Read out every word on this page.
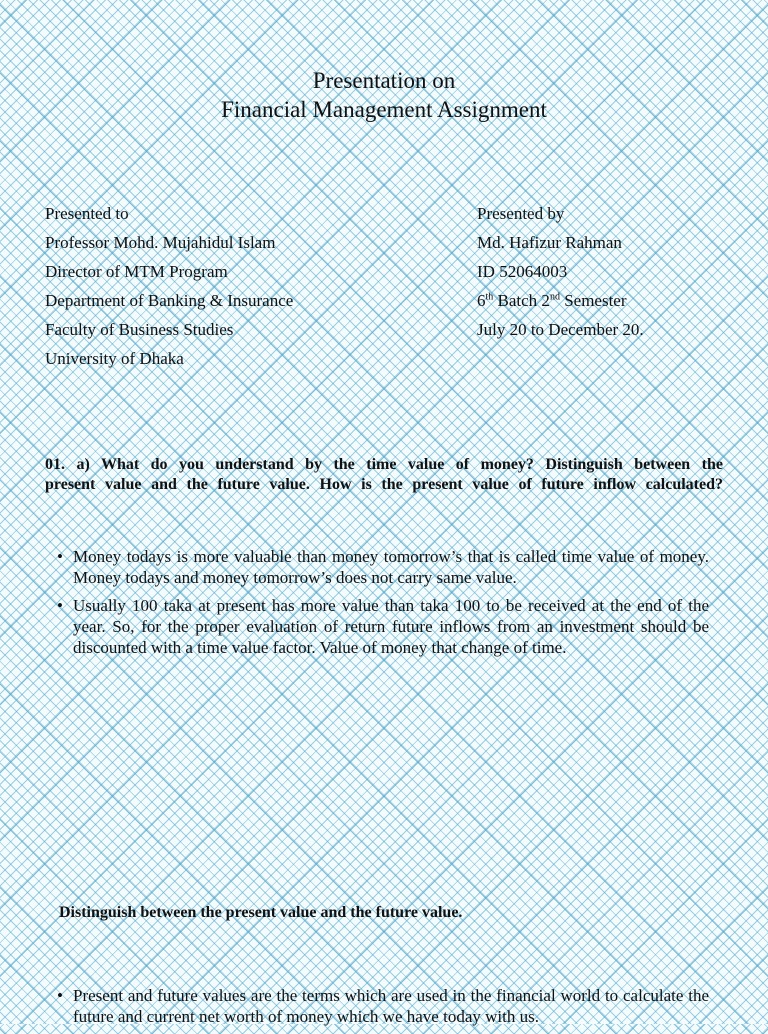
Presentation on
Financial Management Assignment
Presented to
Professor Mohd. Mujahidul Islam
Director of MTM Program
Department of Banking & Insurance
Faculty of Business Studies
University of Dhaka
Presented by
Md. Hafizur Rahman
ID 52064003
6th Batch 2nd Semester
July 20 to December 20.
01. a) What do you understand by the time value of money? Distinguish between the
present value and the future value. How is the present value of future inflow calculated?
• Money todays is more valuable than money tomorrow’s that is called time value of money. Money todays and money tomorrow’s does not carry same value.
• Usually 100 taka at present has more value than taka 100 to be received at the end of the year. So, for the proper evaluation of return future inflows from an investment should be discounted with a time value factor. Value of money that change of time.
Distinguish between the present value and the future value.
• Present and future values are the terms which are used in the financial world to calculate the future and current net worth of money which we have today with us.
